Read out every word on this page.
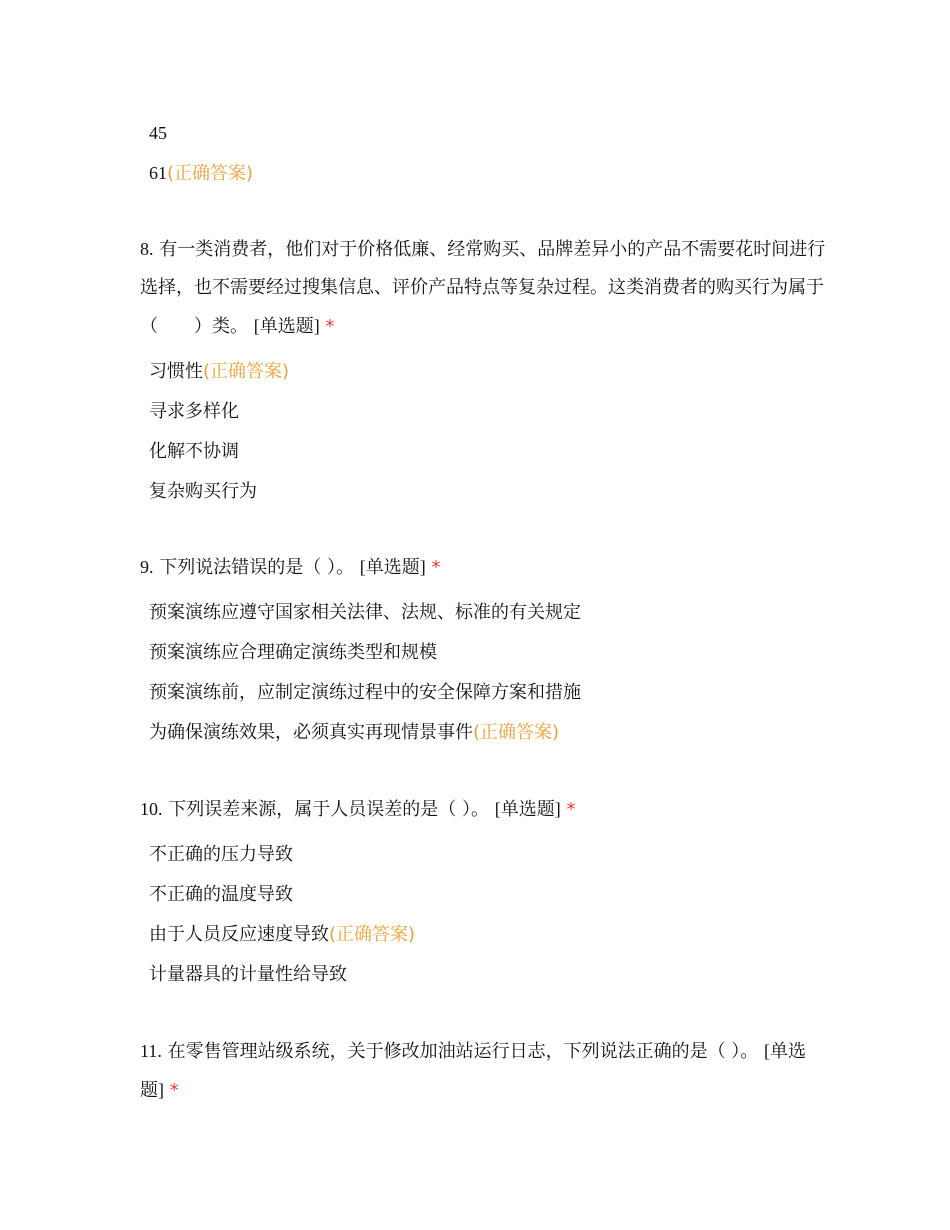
45
61(正确答案)
8. 有一类消费者，他们对于价格低廉、经常购买、品牌差异小的产品不需要花时间进行选择，也不需要经过搜集信息、评价产品特点等复杂过程。这类消费者的购买行为属于 （　　）类。 [单选题] *
习惯性(正确答案)
寻求多样化
化解不协调
复杂购买行为
9. 下列说法错误的是（ ）。 [单选题] *
预案演练应遵守国家相关法律、法规、标准的有关规定
预案演练应合理确定演练类型和规模
预案演练前，应制定演练过程中的安全保障方案和措施
为确保演练效果，必须真实再现情景事件(正确答案)
10. 下列误差来源，属于人员误差的是（ ）。 [单选题] *
不正确的压力导致
不正确的温度导致
由于人员反应速度导致(正确答案)
计量器具的计量性给导致
11. 在零售管理站级系统，关于修改加油站运行日志，下列说法正确的是（ ）。 [单选题] *
